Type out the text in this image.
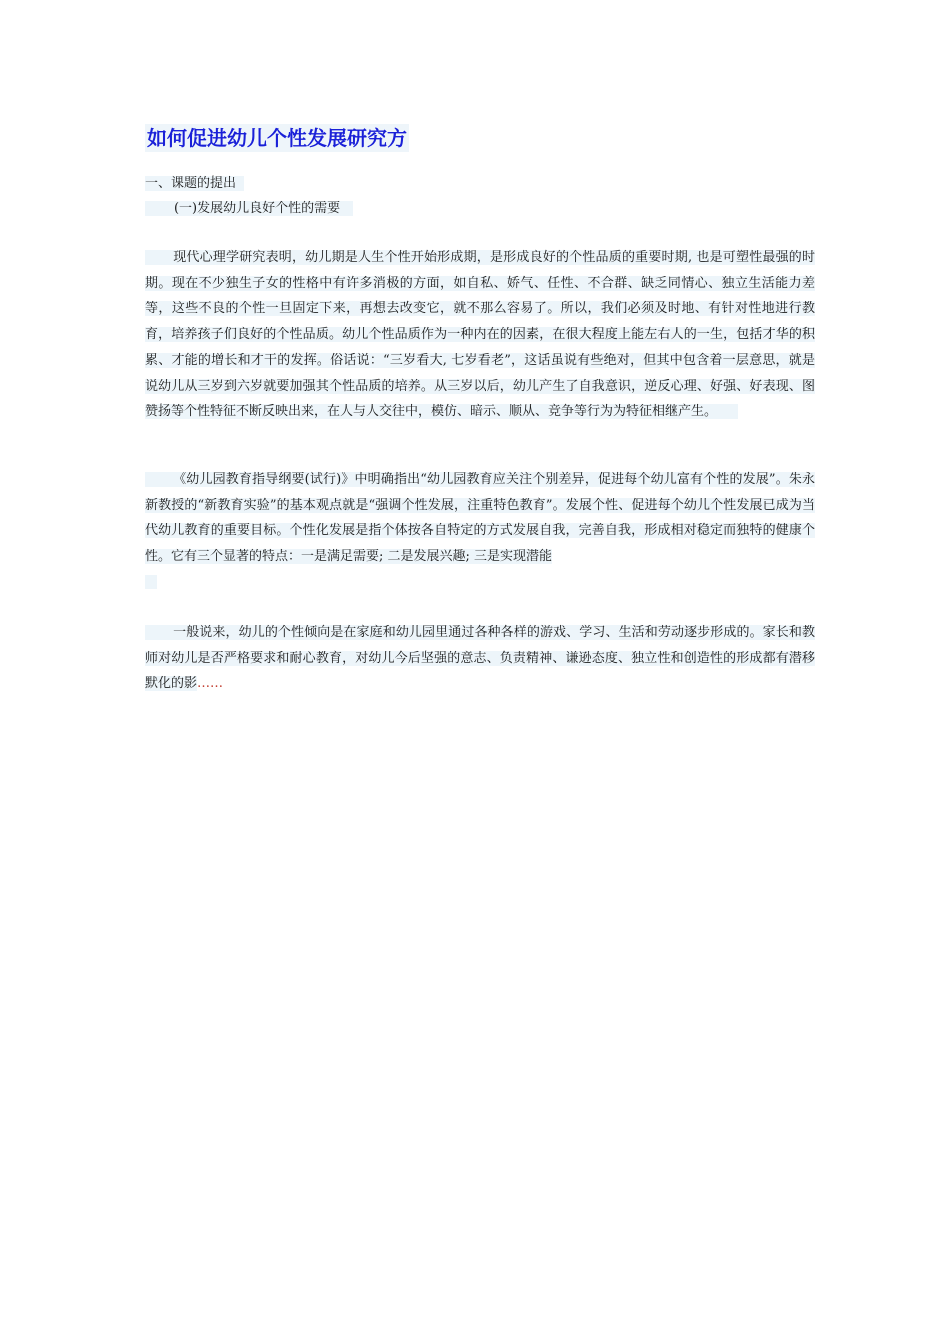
如何促进幼儿个性发展研究方
一、课题的提出
(一)发展幼儿良好个性的需要

现代心理学研究表明，幼儿期是人生个性开始形成期，是形成良好的个性品质的重要时期, 也是可塑性最强的时期。现在不少独生子女的性格中有许多消极的方面，如自私、娇气、任性、不合群、缺乏同情心、独立生活能力差等，这些不良的个性一旦固定下来，再想去改变它，就不那么容易了。所以，我们必须及时地、有针对性地进行教育，培养孩子们良好的个性品质。幼儿个性品质作为一种内在的因素，在很大程度上能左右人的一生，包括才华的积累、才能的增长和才干的发挥。俗话说：“三岁看大, 七岁看老”，这话虽说有些绝对，但其中包含着一层意思，就是说幼儿从三岁到六岁就要加强其个性品质的培养。从三岁以后，幼儿产生了自我意识，逆反心理、好强、好表现、图赞扬等个性特征不断反映出来，在人与人交往中，模仿、暗示、顺从、竞争等行为为特征相继产生。

《幼儿园教育指导纲要(试行)》中明确指出“幼儿园教育应关注个别差异，促进每个幼儿富有个性的发展”。朱永新教授的“新教育实验”的基本观点就是“强调个性发展，注重特色教育”。发展个性、促进每个幼儿个性发展已成为当代幼儿教育的重要目标。个性化发展是指个体按各自特定的方式发展自我，完善自我，形成相对稳定而独特的健康个性。它有三个显著的特点：一是满足需要; 二是发展兴趣; 三是实现潜能

一般说来，幼儿的个性倾向是在家庭和幼儿园里通过各种各样的游戏、学习、生活和劳动逐步形成的。家长和教师对幼儿是否严格要求和耐心教育，对幼儿今后坚强的意志、负责精神、谦逊态度、独立性和创造性的形成都有潜移默化的影……
